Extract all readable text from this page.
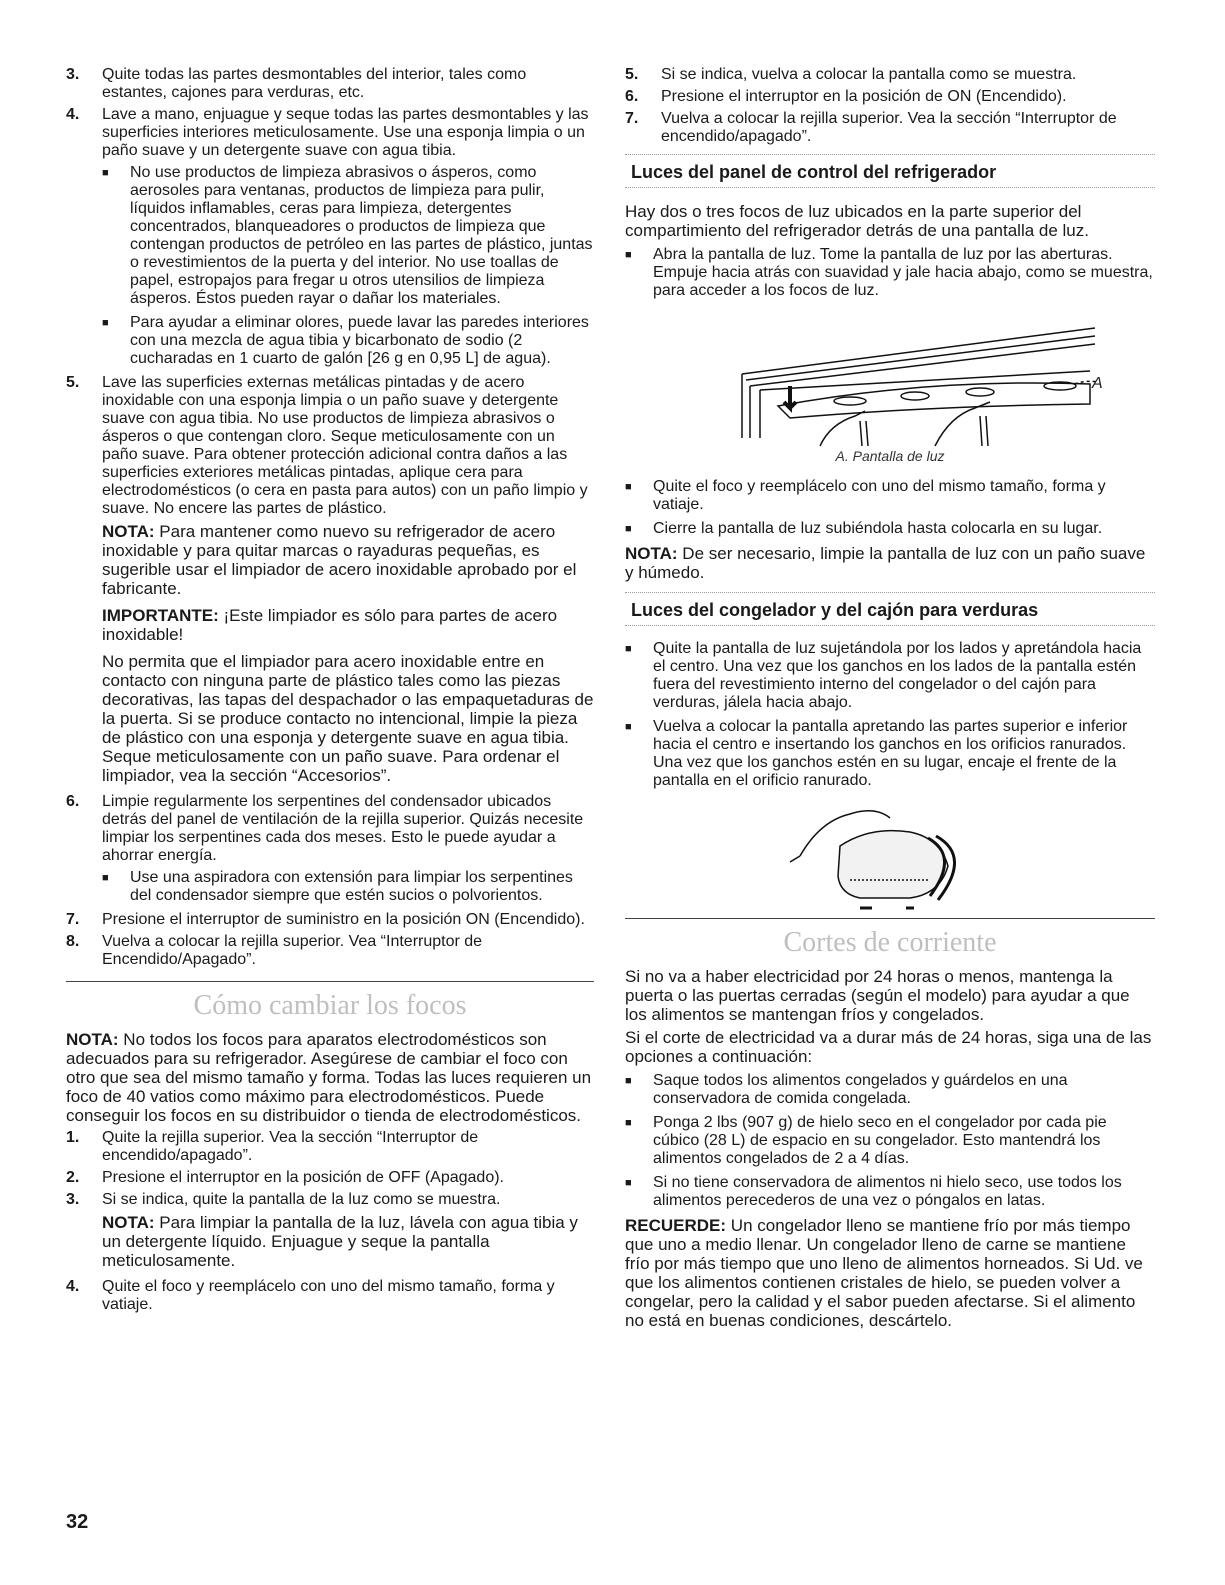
3.	Quite todas las partes desmontables del interior, tales como estantes, cajones para verduras, etc.
4.	Lave a mano, enjuague y seque todas las partes desmontables y las superficies interiores meticulosamente. Use una esponja limpia o un paño suave y un detergente suave con agua tibia.
■	No use productos de limpieza abrasivos o ásperos, como aerosoles para ventanas, productos de limpieza para pulir, líquidos inflamables, ceras para limpieza, detergentes concentrados, blanqueadores o productos de limpieza que contengan productos de petróleo en las partes de plástico, juntas o revestimientos de la puerta y del interior. No use toallas de papel, estropajos para fregar u otros utensilios de limpieza ásperos. Éstos pueden rayar o dañar los materiales.
■	Para ayudar a eliminar olores, puede lavar las paredes interiores con una mezcla de agua tibia y bicarbonato de sodio (2 cucharadas en 1 cuarto de galón [26 g en 0,95 L] de agua).
5.	Lave las superficies externas metálicas pintadas y de acero inoxidable con una esponja limpia o un paño suave y detergente suave con agua tibia. No use productos de limpieza abrasivos o ásperos o que contengan cloro. Seque meticulosamente con un paño suave. Para obtener protección adicional contra daños a las superficies exteriores metálicas pintadas, aplique cera para electrodomésticos (o cera en pasta para autos) con un paño limpio y suave. No encere las partes de plástico.

NOTA: Para mantener como nuevo su refrigerador de acero inoxidable y para quitar marcas o rayaduras pequeñas, es sugerible usar el limpiador de acero inoxidable aprobado por el fabricante.

IMPORTANTE: ¡Este limpiador es sólo para partes de acero inoxidable!

No permita que el limpiador para acero inoxidable entre en contacto con ninguna parte de plástico tales como las piezas decorativas, las tapas del despachador o las empaquetaduras de la puerta. Si se produce contacto no intencional, limpie la pieza de plástico con una esponja y detergente suave en agua tibia. Seque meticulosamente con un paño suave. Para ordenar el limpiador, vea la sección “Accesorios”.

6.	Limpie regularmente los serpentines del condensador ubicados detrás del panel de ventilación de la rejilla superior. Quizás necesite limpiar los serpentines cada dos meses. Esto le puede ayudar a ahorrar energía.
■	Use una aspiradora con extensión para limpiar los serpentines del condensador siempre que estén sucios o polvorientos.
7.	Presione el interruptor de suministro en la posición ON (Encendido).
8.	Vuelva a colocar la rejilla superior. Vea “Interruptor de Encendido/Apagado”.
Cómo cambiar los focos

NOTA: No todos los focos para aparatos electrodomésticos son adecuados para su refrigerador. Asegúrese de cambiar el foco con otro que sea del mismo tamaño y forma. Todas las luces requieren un foco de 40 vatios como máximo para electrodomésticos. Puede conseguir los focos en su distribuidor o tienda de electrodomésticos.

1.	Quite la rejilla superior. Vea la sección “Interruptor de encendido/apagado”.
2.	Presione el interruptor en la posición de OFF (Apagado).
3.	Si se indica, quite la pantalla de la luz como se muestra.

NOTA: Para limpiar la pantalla de la luz, lávela con agua tibia y un detergente líquido. Enjuague y seque la pantalla meticulosamente.

4.	Quite el foco y reemplácelo con uno del mismo tamaño, forma y vatiaje.
5.	Si se indica, vuelva a colocar la pantalla como se muestra.
6.	Presione el interruptor en la posición de ON (Encendido).
7.	Vuelva a colocar la rejilla superior. Vea la sección “Interruptor de encendido/apagado”.
Luces del panel de control del refrigerador

Hay dos o tres focos de luz ubicados en la parte superior del compartimiento del refrigerador detrás de una pantalla de luz.

■	Abra la pantalla de luz. Tome la pantalla de luz por las aberturas. Empuje hacia atrás con suavidad y jale hacia abajo, como se muestra, para acceder a los focos de luz.
A
A. Pantalla de luz
■	Quite el foco y reemplácelo con uno del mismo tamaño, forma y vatiaje.
■	Cierre la pantalla de luz subiéndola hasta colocarla en su lugar.

NOTA: De ser necesario, limpie la pantalla de luz con un paño suave y húmedo.

Luces del congelador y del cajón para verduras
■	Quite la pantalla de luz sujetándola por los lados y apretándola hacia el centro. Una vez que los ganchos en los lados de la pantalla estén fuera del revestimiento interno del congelador o del cajón para verduras, jálela hacia abajo.
■	Vuelva a colocar la pantalla apretando las partes superior e inferior hacia el centro e insertando los ganchos en los orificios ranurados. Una vez que los ganchos estén en su lugar, encaje el frente de la pantalla en el orificio ranurado.
Cortes de corriente

Si no va a haber electricidad por 24 horas o menos, mantenga la puerta o las puertas cerradas (según el modelo) para ayudar a que los alimentos se mantengan fríos y congelados.

Si el corte de electricidad va a durar más de 24 horas, siga una de las opciones a continuación:

■	Saque todos los alimentos congelados y guárdelos en una conservadora de comida congelada.
■	Ponga 2 lbs (907 g) de hielo seco en el congelador por cada pie cúbico (28 L) de espacio en su congelador. Esto mantendrá los alimentos congelados de 2 a 4 días.
■	Si no tiene conservadora de alimentos ni hielo seco, use todos los alimentos perecederos de una vez o póngalos en latas.

RECUERDE: Un congelador lleno se mantiene frío por más tiempo que uno a medio llenar. Un congelador lleno de carne se mantiene frío por más tiempo que uno lleno de alimentos horneados. Si Ud. ve que los alimentos contienen cristales de hielo, se pueden volver a congelar, pero la calidad y el sabor pueden afectarse. Si el alimento no está en buenas condiciones, descártelo.

32
